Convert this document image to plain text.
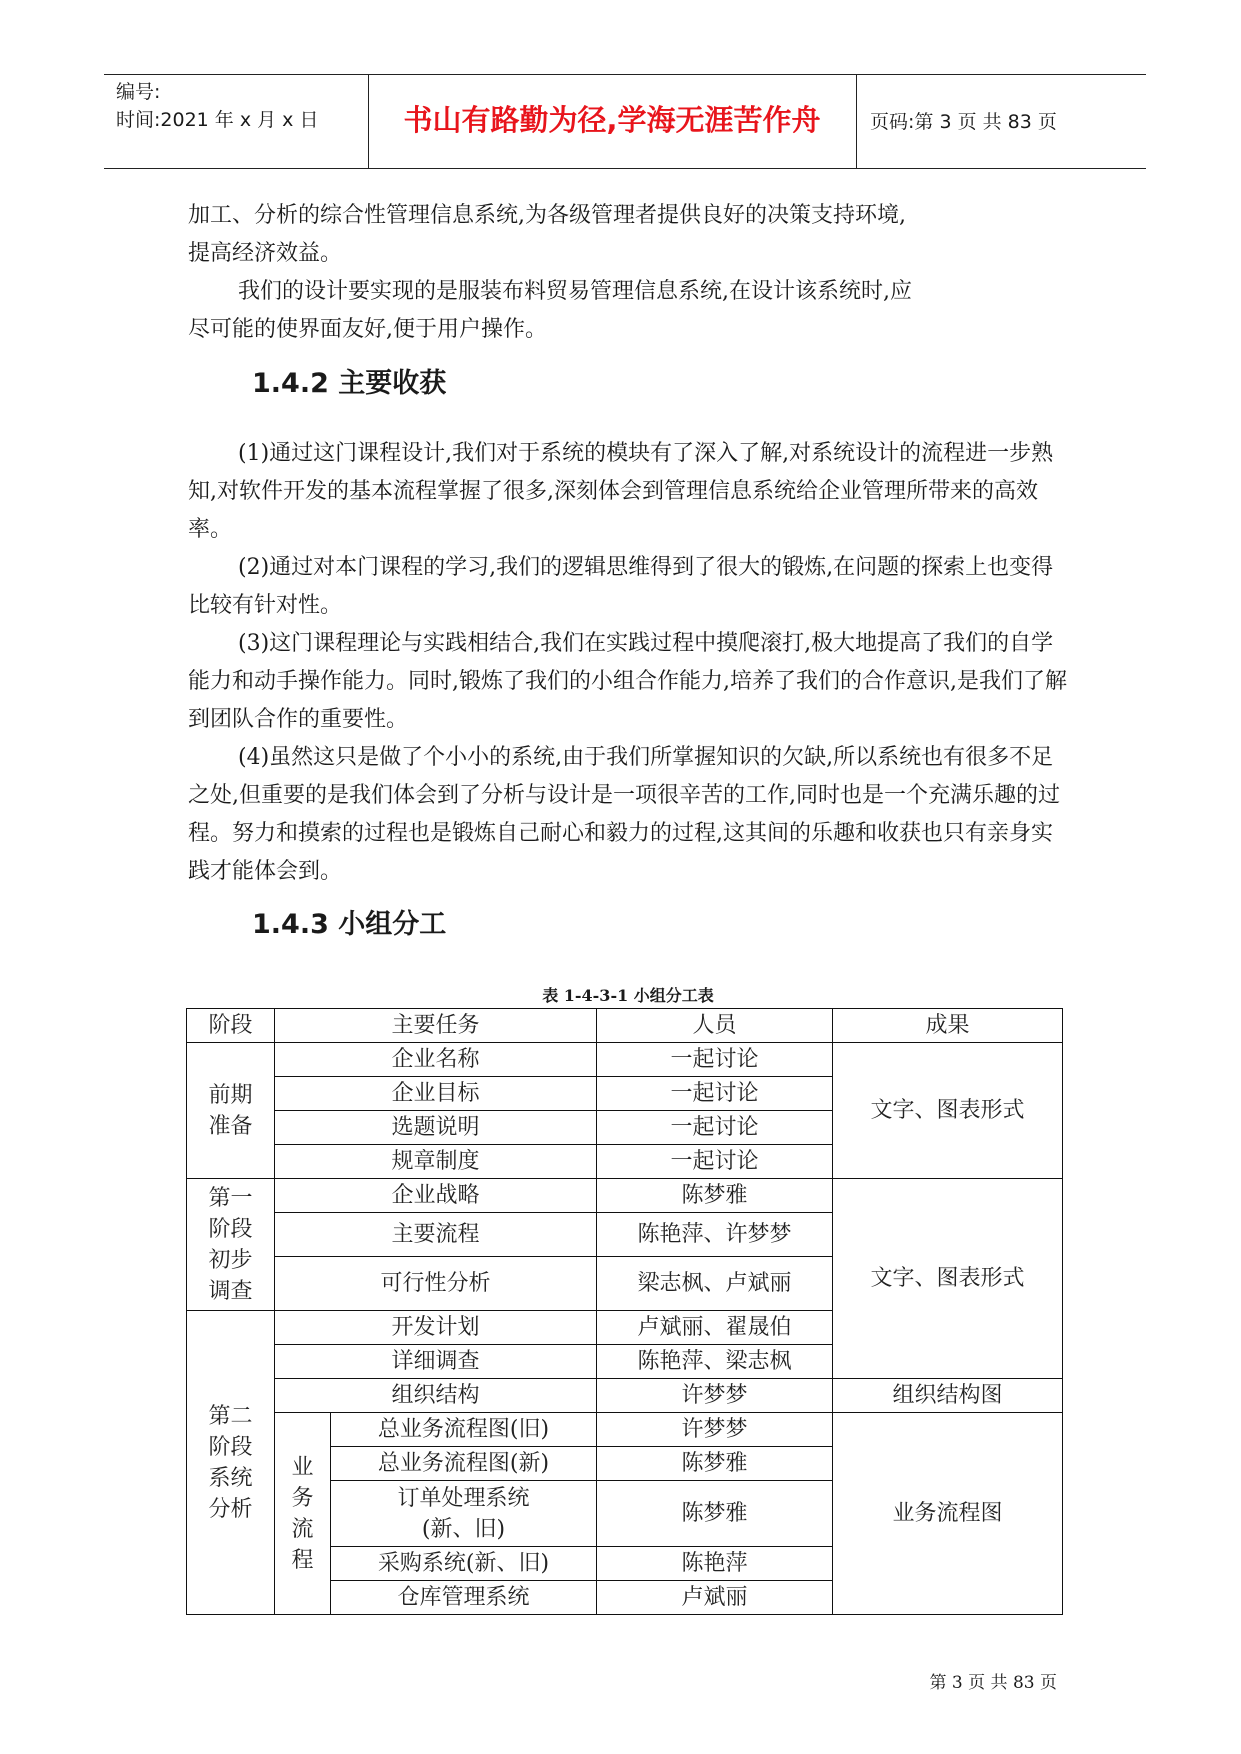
编号:
时间:2021 年 x 月 x 日	书山有路勤为径,学海无涯苦作舟	页码:第 3 页 共 83 页

加工、分析的综合性管理信息系统,为各级管理者提供良好的决策支持环境,

提高经济效益。

我们的设计要实现的是服装布料贸易管理信息系统,在设计该系统时,应

尽可能的使界面友好,便于用户操作。

1.4.2 主要收获

(1)通过这门课程设计,我们对于系统的模块有了深入了解,对系统设计的流程进一步熟知,对软件开发的基本流程掌握了很多,深刻体会到管理信息系统给企业管理所带来的高效率。

(2)通过对本门课程的学习,我们的逻辑思维得到了很大的锻炼,在问题的探索上也变得比较有针对性。

(3)这门课程理论与实践相结合,我们在实践过程中摸爬滚打,极大地提高了我们的自学能力和动手操作能力。同时,锻炼了我们的小组合作能力,培养了我们的合作意识,是我们了解到团队合作的重要性。

(4)虽然这只是做了个小小的系统,由于我们所掌握知识的欠缺,所以系统也有很多不足之处,但重要的是我们体会到了分析与设计是一项很辛苦的工作,同时也是一个充满乐趣的过程。努力和摸索的过程也是锻炼自己耐心和毅力的过程,这其间的乐趣和收获也只有亲身实践才能体会到。

1.4.3 小组分工
表 1-4-3-1 小组分工表
阶段	主要任务		人员	成果
前期准备	企业名称		一起讨论	文字、图表形式
	企业目标		一起讨论	
	选题说明		一起讨论	
	规章制度		一起讨论	
第一阶段初步调查	企业战略		陈梦雅	文字、图表形式
	主要流程		陈艳萍、许梦梦	
	可行性分析		梁志枫、卢斌丽	
第二阶段系统分析	开发计划		卢斌丽、翟晟伯	
	详细调查		陈艳萍、梁志枫	
	组织结构		许梦梦	组织结构图
	业务流程	总业务流程图(旧)	许梦梦	业务流程图
		总业务流程图(新)	陈梦雅	
		订单处理系统(新、旧)	陈梦雅	
		采购系统(新、旧)	陈艳萍	
		仓库管理系统	卢斌丽	
第 3 页 共 83 页
